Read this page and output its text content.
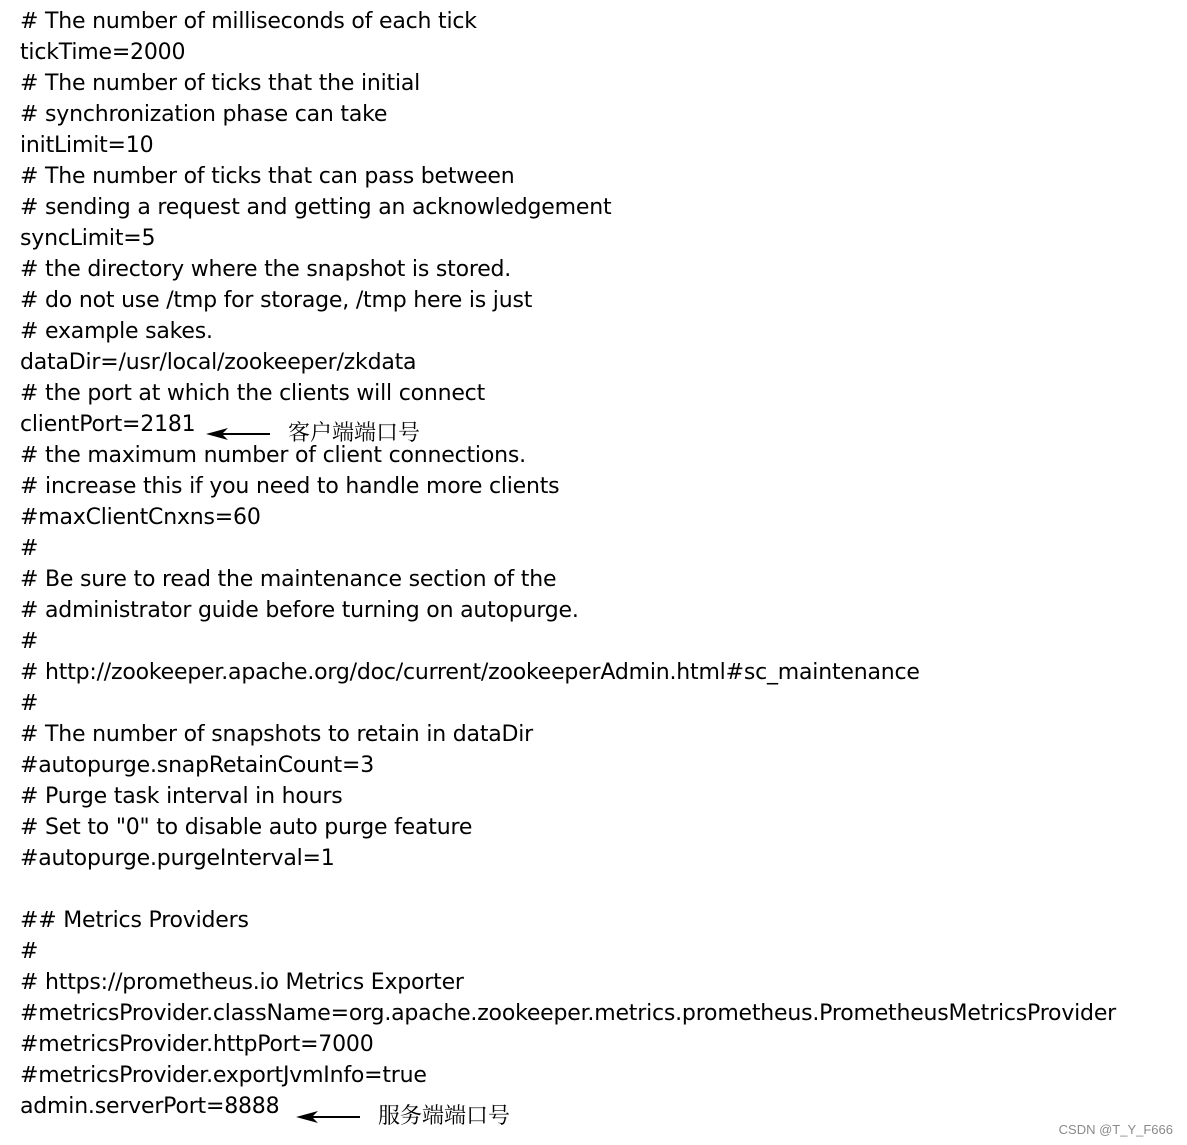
# The number of milliseconds of each tick
tickTime=2000
# The number of ticks that the initial
# synchronization phase can take
initLimit=10
# The number of ticks that can pass between
# sending a request and getting an acknowledgement
syncLimit=5
# the directory where the snapshot is stored.
# do not use /tmp for storage, /tmp here is just
# example sakes.
dataDir=/usr/local/zookeeper/zkdata
# the port at which the clients will connect
clientPort=2181
# the maximum number of client connections.
# increase this if you need to handle more clients
#maxClientCnxns=60
#
# Be sure to read the maintenance section of the
# administrator guide before turning on autopurge.
#
# http://zookeeper.apache.org/doc/current/zookeeperAdmin.html#sc_maintenance
#
# The number of snapshots to retain in dataDir
#autopurge.snapRetainCount=3
# Purge task interval in hours
# Set to "0" to disable auto purge feature
#autopurge.purgeInterval=1
## Metrics Providers
#
# https://prometheus.io Metrics Exporter
#metricsProvider.className=org.apache.zookeeper.metrics.prometheus.PrometheusMetricsProvider
#metricsProvider.httpPort=7000
#metricsProvider.exportJvmInfo=true
admin.serverPort=8888
客户端端口号
服务端端口号
CSDN @T_Y_F666
